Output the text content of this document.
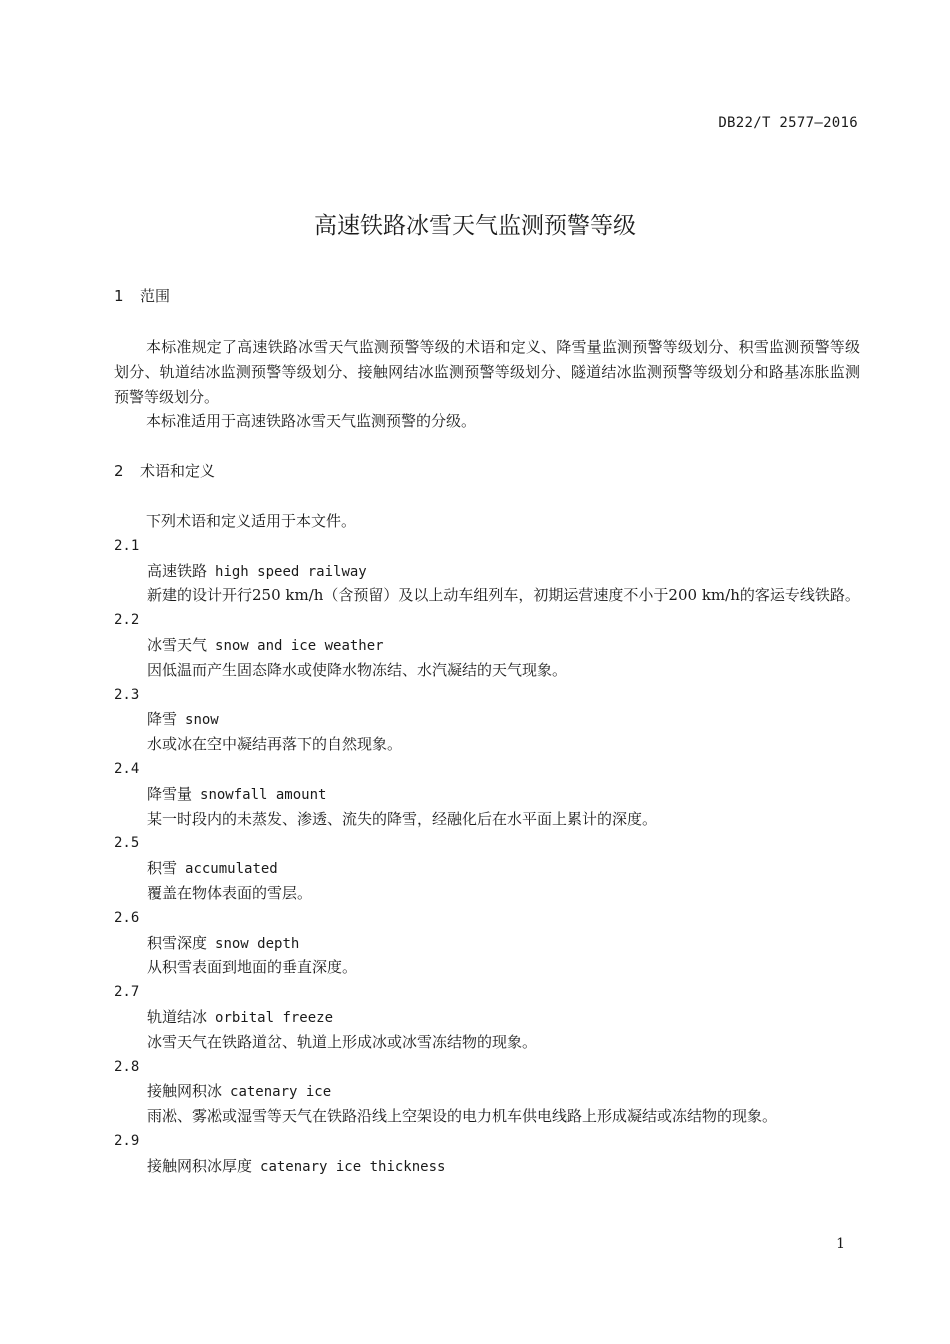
DB22/T 2577—2016
高速铁路冰雪天气监测预警等级
1 范围
本标准规定了高速铁路冰雪天气监测预警等级的术语和定义、降雪量监测预警等级划分、积雪监测预警等级划分、轨道结冰监测预警等级划分、接触网结冰监测预警等级划分、隧道结冰监测预警等级划分和路基冻胀监测预警等级划分。
本标准适用于高速铁路冰雪天气监测预警的分级。
2 术语和定义
下列术语和定义适用于本文件。
2.1
高速铁路 high speed railway
新建的设计开行250 km/h（含预留）及以上动车组列车，初期运营速度不小于200 km/h的客运专线铁路。
2.2
冰雪天气 snow and ice weather
因低温而产生固态降水或使降水物冻结、水汽凝结的天气现象。
2.3
降雪 snow
水或冰在空中凝结再落下的自然现象。
2.4
降雪量 snowfall amount
某一时段内的未蒸发、渗透、流失的降雪，经融化后在水平面上累计的深度。
2.5
积雪 accumulated
覆盖在物体表面的雪层。
2.6
积雪深度 snow depth
从积雪表面到地面的垂直深度。
2.7
轨道结冰 orbital freeze
冰雪天气在铁路道岔、轨道上形成冰或冰雪冻结物的现象。
2.8
接触网积冰 catenary ice
雨凇、雾凇或湿雪等天气在铁路沿线上空架设的电力机车供电线路上形成凝结或冻结物的现象。
2.9
接触网积冰厚度 catenary ice thickness
1
